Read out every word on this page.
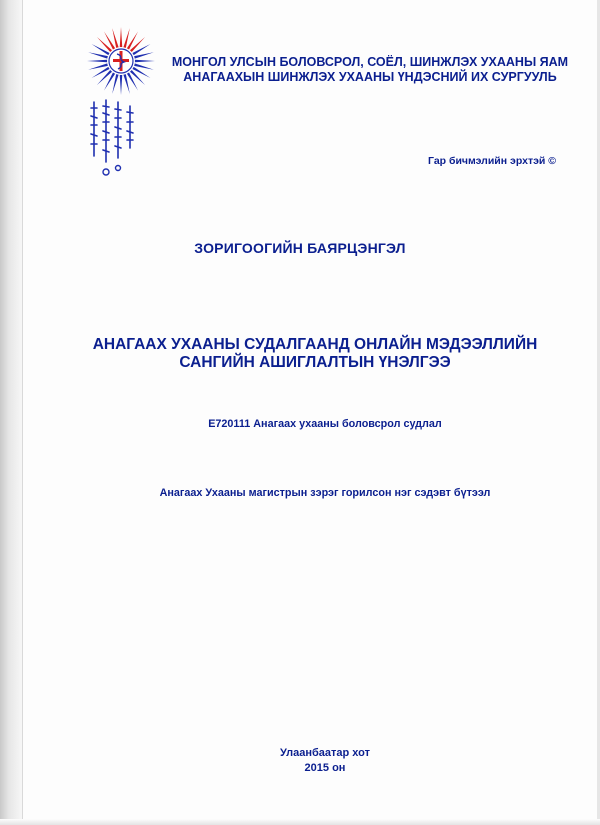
МОНГОЛ УЛСЫН БОЛОВСРОЛ, СОЁЛ, ШИНЖЛЭХ УХААНЫ ЯАМ
АНАГААХЫН ШИНЖЛЭХ УХААНЫ ҮНДЭСНИЙ ИХ СУРГУУЛЬ
Гар бичмэлийн эрхтэй ©
ЗОРИГООГИЙН БАЯРЦЭНГЭЛ
АНАГААХ УХААНЫ СУДАЛГААНД ОНЛАЙН МЭДЭЭЛЛИЙН
САНГИЙН АШИГЛАЛТЫН ҮНЭЛГЭЭ
E720111 Анагаах ухааны боловсрол судлал
Анагаах Ухааны магистрын зэрэг горилсон нэг сэдэвт бүтээл
Улаанбаатар хот
2015 он
